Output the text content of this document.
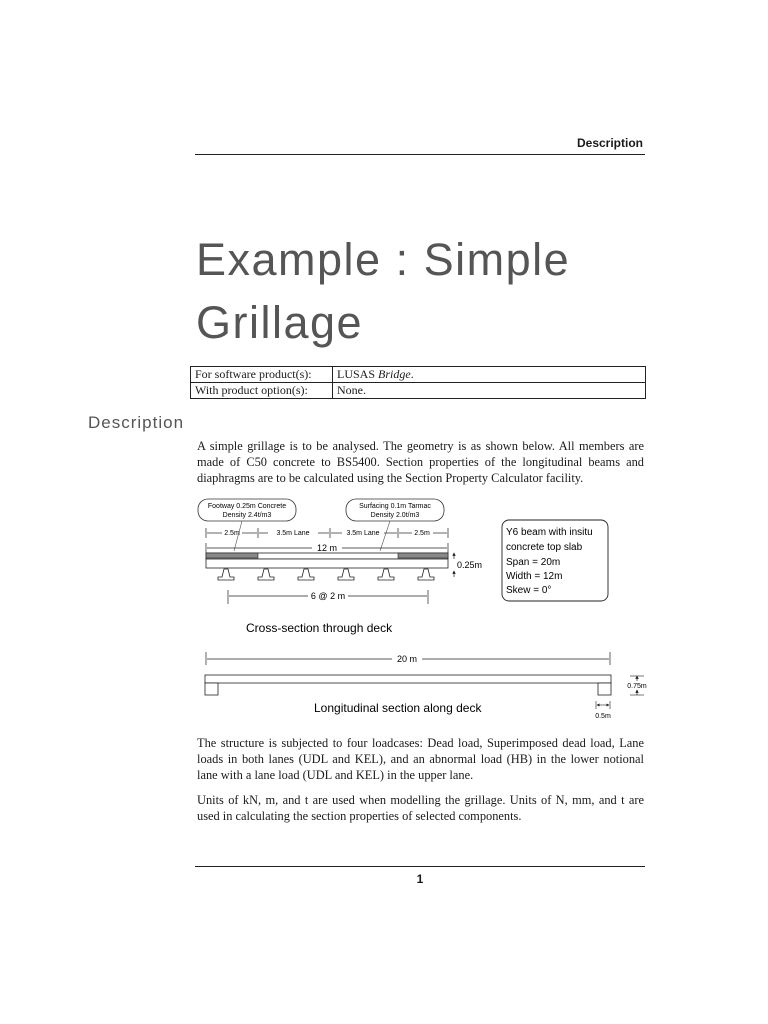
Description
Example : Simple
Grillage
For software product(s):	LUSAS Bridge.
With product option(s):	None.
Description
A simple grillage is to be analysed. The geometry is as shown below. All members are made of C50 concrete to BS5400. Section properties of the longitudinal beams and diaphragms are to be calculated using the Section Property Calculator facility.
Footway 0.25m Concrete
Density 2.4t/m3
Surfacing 0.1m Tarmac
Density 2.0t/m3
2.5m	3.5m Lane	3.5m Lane	2.5m
12 m
0.25m
6 @ 2 m
Y6 beam with insitu
concrete top slab
Span = 20m
Width = 12m
Skew = 0°
Cross-section through deck
20 m
0.75m
0.5m
Longitudinal section along deck
The structure is subjected to four loadcases: Dead load, Superimposed dead load, Lane loads in both lanes (UDL and KEL), and an abnormal load (HB) in the lower notional lane with a lane load (UDL and KEL) in the upper lane.
Units of kN, m, and t are used when modelling the grillage. Units of N, mm, and t are used in calculating the section properties of selected components.
1
